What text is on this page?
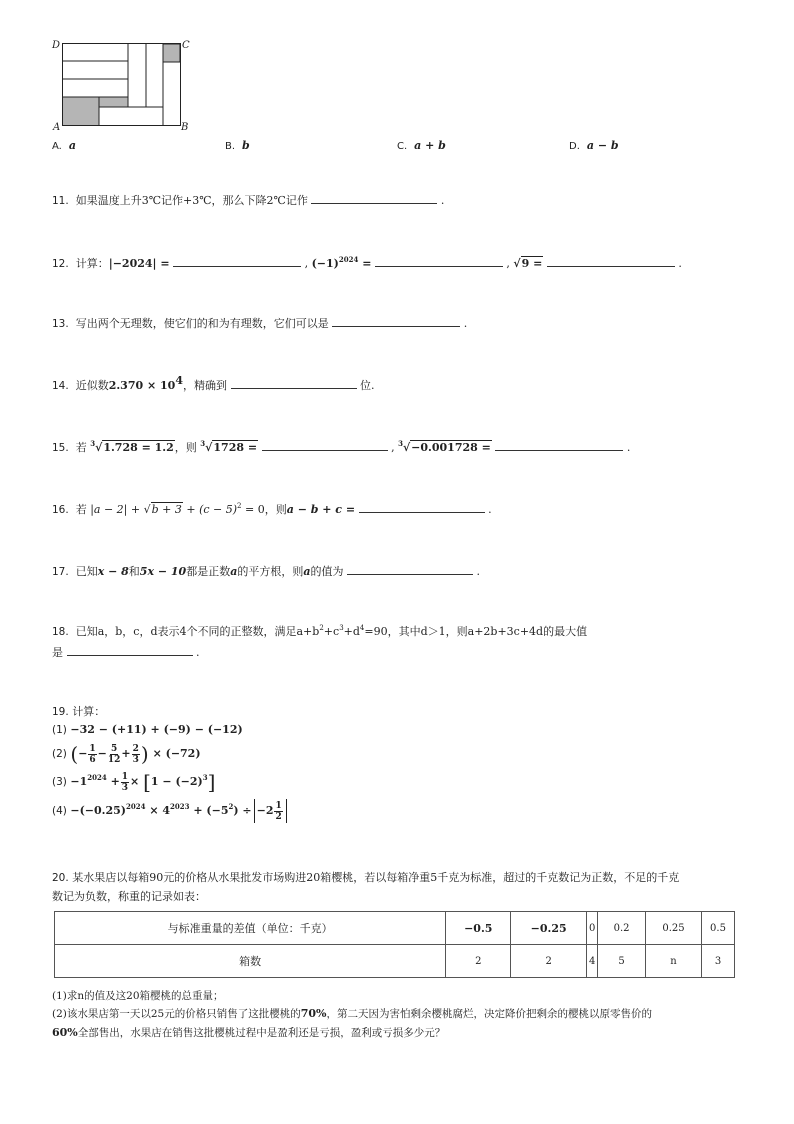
D	C
A	B
A. a	B. b	C. a + b	D. a − b
11. 如果温度上升3℃记作+3℃，那么下降2℃记作	.
12. 计算：|−2024| =	, $(-1)^{2024}$ =	, √9 =	.
13. 写出两个无理数，使它们的和为有理数，它们可以是	.
14. 近似数$2.370 \times 10^4$，精确到	位.
15. 若 $^3$√1.728 = 1.2，则 $^3$√1728 =	, $^3$√−0.001728 =	.
16. 若 $|a - 2| + √b + 3 + (c - 5)^2 = 0$，则a − b + c =	.
17. 已知x − 8和5x − 10都是正数a的平方根，则a的值为	.
18. 已知a，b，c，d表示4个不同的正整数，满足$a+b^2+c^3+d^4=90$，其中d＞1，则a+2b+3c+4d的最大值
是	.
19. 计算：
(1) −32 − (+11) + (−9) − (−12)
(2) (− $\frac{1}{6} - \frac{5}{12} + \frac{2}{3}$ ) × (−72)
$(3) -1^{2024} + \frac{1}{3} \times [1 - (-2)^3]$
$(4) -(-0.25)^{2024} \times 4^{2023} + (-5^2) \div -2 \frac{1}{2}$
20. 某水果店以每箱90元的价格从水果批发市场购进20箱樱桃，若以每箱净重5千克为标准，超过的千克数记为正数，不足的千克
数记为负数，称重的记录如表：
与标准重量的差值（单位：千克）	−0.5	−0.25	0	0.2	0.25	0.5
箱数	2	2	4	5	n	3
(1)求n的值及这20箱樱桃的总重量；
(2)该水果店第一天以25元的价格只销售了这批樱桃的70%，第二天因为害怕剩余樱桃腐烂，决定降价把剩余的樱桃以原零售价的
60%全部售出，水果店在销售这批樱桃过程中是盈利还是亏损，盈利或亏损多少元？
